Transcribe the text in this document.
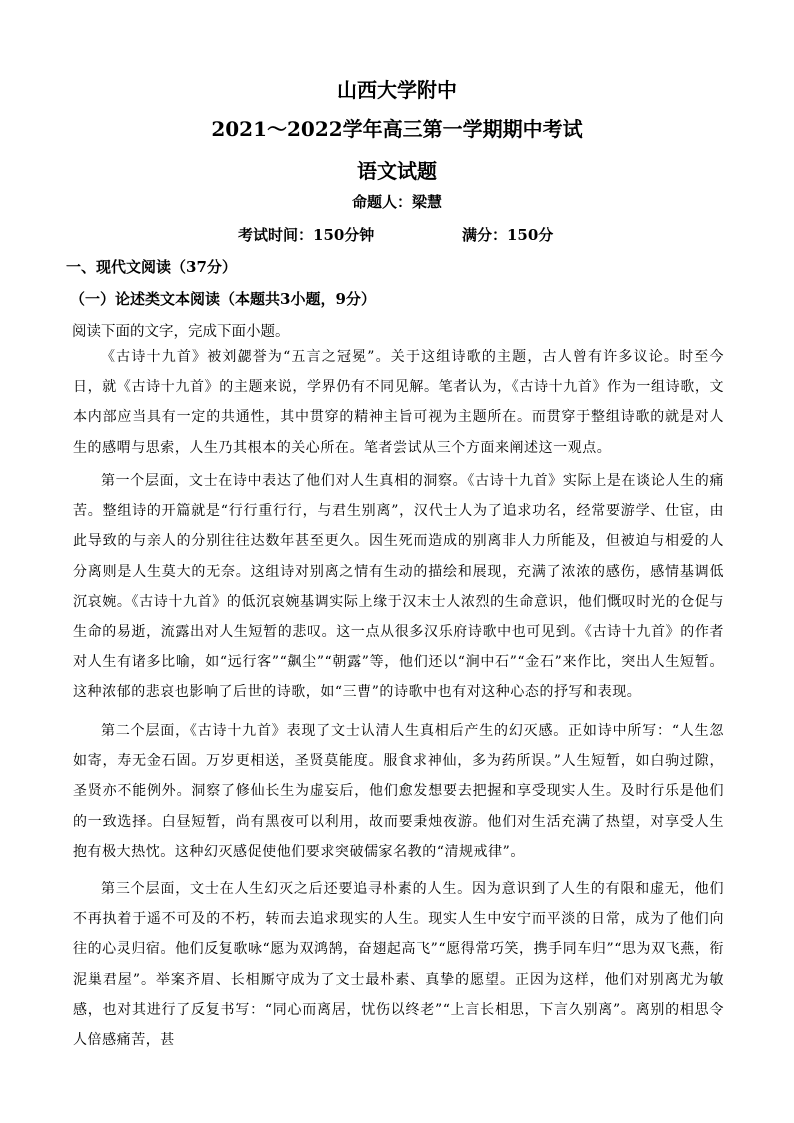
山西大学附中
2021～2022学年高三第一学期期中考试
语文试题
命题人：梁慧
考试时间：150分钟	满分：150分
一、现代文阅读（37分）
（一）论述类文本阅读（本题共3小题，9分）
阅读下面的文字，完成下面小题。

《古诗十九首》被刘勰誉为“五言之冠冕”。关于这组诗歌的主题，古人曾有许多议论。时至今日，就《古诗十九首》的主题来说，学界仍有不同见解。笔者认为，《古诗十九首》作为一组诗歌，文本内部应当具有一定的共通性，其中贯穿的精神主旨可视为主题所在。而贯穿于整组诗歌的就是对人生的感喟与思索，人生乃其根本的关心所在。笔者尝试从三个方面来阐述这一观点。

第一个层面，文士在诗中表达了他们对人生真相的洞察。《古诗十九首》实际上是在谈论人生的痛苦。整组诗的开篇就是“行行重行行，与君生别离”，汉代士人为了追求功名，经常要游学、仕宦，由此导致的与亲人的分别往往达数年甚至更久。因生死而造成的别离非人力所能及，但被迫与相爱的人分离则是人生莫大的无奈。这组诗对别离之情有生动的描绘和展现，充满了浓浓的感伤，感情基调低沉哀婉。《古诗十九首》的低沉哀婉基调实际上缘于汉末士人浓烈的生命意识，他们慨叹时光的仓促与生命的易逝，流露出对人生短暂的悲叹。这一点从很多汉乐府诗歌中也可见到。《古诗十九首》的作者对人生有诸多比喻，如“远行客”“飙尘”“朝露”等，他们还以“涧中石”“金石”来作比，突出人生短暂。这种浓郁的悲哀也影响了后世的诗歌，如“三曹”的诗歌中也有对这种心态的抒写和表现。

第二个层面，《古诗十九首》表现了文士认清人生真相后产生的幻灭感。正如诗中所写：“人生忽如寄，寿无金石固。万岁更相送，圣贤莫能度。服食求神仙，多为药所误。”人生短暂，如白驹过隙，圣贤亦不能例外。洞察了修仙长生为虚妄后，他们愈发想要去把握和享受现实人生。及时行乐是他们的一致选择。白昼短暂，尚有黑夜可以利用，故而要秉烛夜游。他们对生活充满了热望，对享受人生抱有极大热忱。这种幻灭感促使他们要求突破儒家名教的“清规戒律”。

第三个层面，文士在人生幻灭之后还要追寻朴素的人生。因为意识到了人生的有限和虚无，他们不再执着于遥不可及的不朽，转而去追求现实的人生。现实人生中安宁而平淡的日常，成为了他们向往的心灵归宿。他们反复歌咏“愿为双鸿鹄，奋翅起高飞”“愿得常巧笑，携手同车归”“思为双飞燕，衔泥巢君屋”。举案齐眉、长相厮守成为了文士最朴素、真挚的愿望。正因为这样，他们对别离尤为敏感，也对其进行了反复书写：“同心而离居，忧伤以终老”“上言长相思，下言久别离”。离别的相思令人倍感痛苦，甚
